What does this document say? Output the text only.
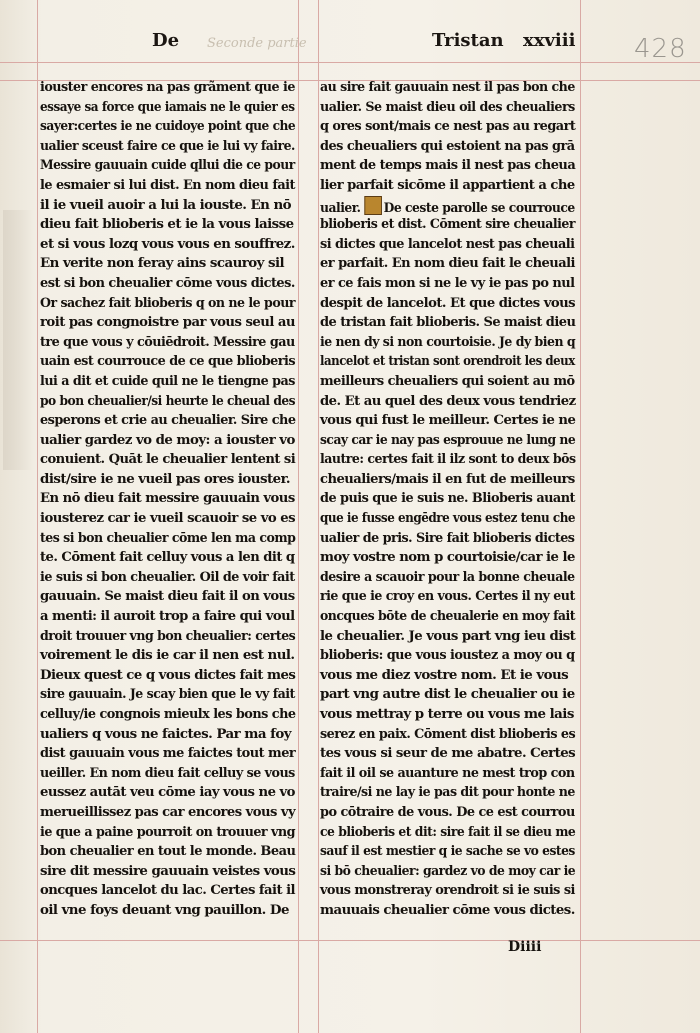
De Seconde partie	Tristan xxviii 428
iouster encores na pas grãment que ie
essaye sa force que iamais ne le quier es
sayer:certes ie ne cuidoye point que che
ualier sceust faire ce que ie lui vy faire.
Messire gauuain cuide qllui die ce pour
le esmaier si lui dist. En nom dieu fait
il ie vueil auoir a lui la iouste. En nō
dieu fait blioberis et ie la vous laisse
et si vous lozq vous vous en souffrez.
En verite non feray ains scauroy sil
est si bon cheualier cōme vous dictes.
Or sachez fait blioberis q on ne le pour
roit pas congnoistre par vous seul au
tre que vous y cōuiēdroit. Messire gau
uain est courrouce de ce que blioberis
lui a dit et cuide quil ne le tiengne pas
po bon cheualier/si heurte le cheual des
esperons et crie au cheualier. Sire che
ualier gardez vo de moy: a iouster vo
conuient. Quāt le cheualier lentent si
dist/sire ie ne vueil pas ores iouster.
En nō dieu fait messire gauuain vous
iousterez car ie vueil scauoir se vo es
tes si bon cheualier cōme len ma comp
te. Cōment fait celluy vous a len dit q
ie suis si bon cheualier. Oil de voir fait
gauuain. Se maist dieu fait il on vous
a menti: il auroit trop a faire qui voul
droit trouuer vng bon cheualier: certes
voirement le dis ie car il nen est nul.
Dieux quest ce q vous dictes fait mes
sire gauuain. Je scay bien que le vy fait
celluy/ie congnois mieulx les bons che
ualiers q vous ne faictes. Par ma foy
dist gauuain vous me faictes tout mer
ueiller. En nom dieu fait celluy se vous
eussez autāt veu cōme iay vous ne vo
merueillissez pas car encores vous vy
ie que a paine pourroit on trouuer vng
bon cheualier en tout le monde. Beau
sire dit messire gauuain veistes vous
oncques lancelot du lac. Certes fait il
oil vne foys deuant vng pauillon. De
au sire fait gauuain nest il pas bon che
ualier. Se maist dieu oil des cheualiers
q ores sont/mais ce nest pas au regart
des cheualiers qui estoient na pas grā
ment de temps mais il nest pas cheua
lier parfait sicōme il appartient a che
ualier. De ceste parolle se courrouce
blioberis et dist. Cōment sire cheualier
si dictes que lancelot nest pas cheuali
er parfait. En nom dieu fait le cheuali
er ce fais mon si ne le vy ie pas po nul
despit de lancelot. Et que dictes vous
de tristan fait blioberis. Se maist dieu
ie nen dy si non courtoisie. Je dy bien q
lancelot et tristan sont orendroit les deux
meilleurs cheualiers qui soient au mō
de. Et au quel des deux vous tendriez
vous qui fust le meilleur. Certes ie ne
scay car ie nay pas esprouue ne lung ne
lautre: certes fait il ilz sont to deux bōs
cheualiers/mais il en fut de meilleurs
de puis que ie suis ne. Blioberis auant
que ie fusse engēdre vous estez tenu che
ualier de pris. Sire fait blioberis dictes
moy vostre nom p courtoisie/car ie le
desire a scauoir pour la bonne cheuale
rie que ie croy en vous. Certes il ny eut
oncques bōte de cheualerie en moy fait
le cheualier. Je vous part vng ieu dist
blioberis: que vous ioustez a moy ou q
vous me diez vostre nom. Et ie vous
part vng autre dist le cheualier ou ie
vous mettray p terre ou vous me lais
serez en paix. Cōment dist blioberis es
tes vous si seur de me abatre. Certes
fait il oil se auanture ne mest trop con
traire/si ne lay ie pas dit pour honte ne
po cōtraire de vous. De ce est courrou
ce blioberis et dit: sire fait il se dieu me
sauf il est mestier q ie sache se vo estes
si bō cheualier: gardez vo de moy car ie
vous monstreray orendroit si ie suis si
mauuais cheualier cōme vous dictes.
Diiii
